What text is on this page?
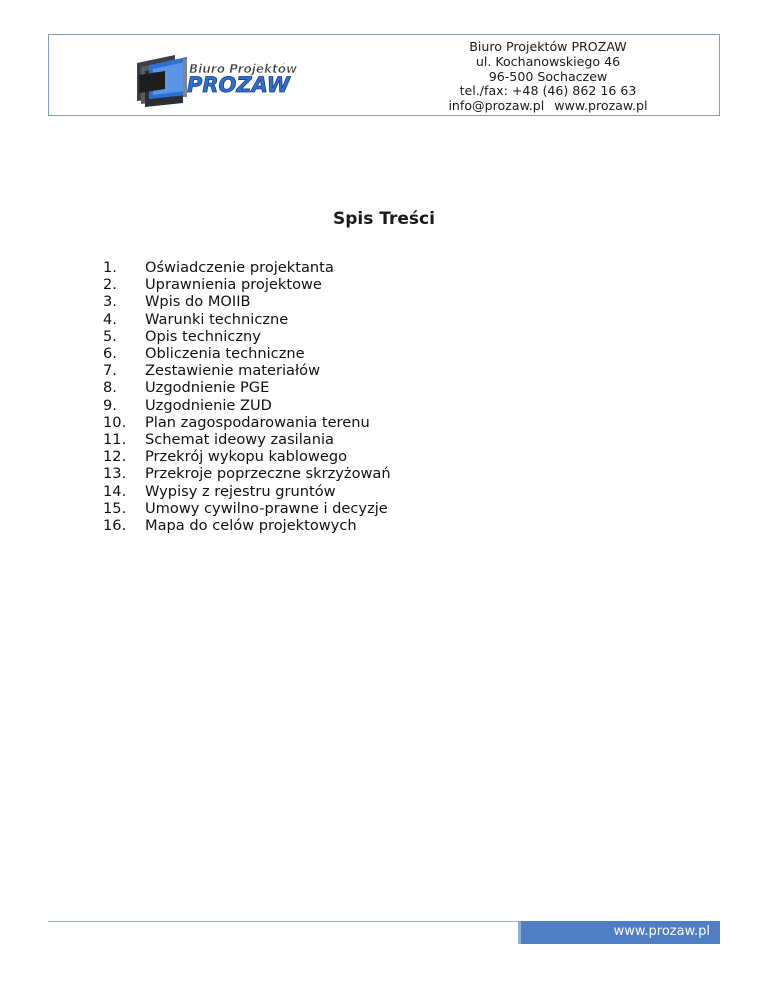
Biuro Projektów
PROZAW
Biuro Projektów PROZAW
ul. Kochanowskiego 46
96-500 Sochaczew
tel./fax: +48 (46) 862 16 63
info@prozaw.pl www.prozaw.pl
Spis Treści
1.	Oświadczenie projektanta
2.	Uprawnienia projektowe
3.	Wpis do MOIIB
4.	Warunki techniczne
5.	Opis techniczny
6.	Obliczenia techniczne
7.	Zestawienie materiałów
8.	Uzgodnienie PGE
9.	Uzgodnienie ZUD
10.	Plan zagospodarowania terenu
11.	Schemat ideowy zasilania
12.	Przekrój wykopu kablowego
13.	Przekroje poprzeczne skrzyżowań
14.	Wypisy z rejestru gruntów
15.	Umowy cywilno-prawne i decyzje
16.	Mapa do celów projektowych
www.prozaw.pl
